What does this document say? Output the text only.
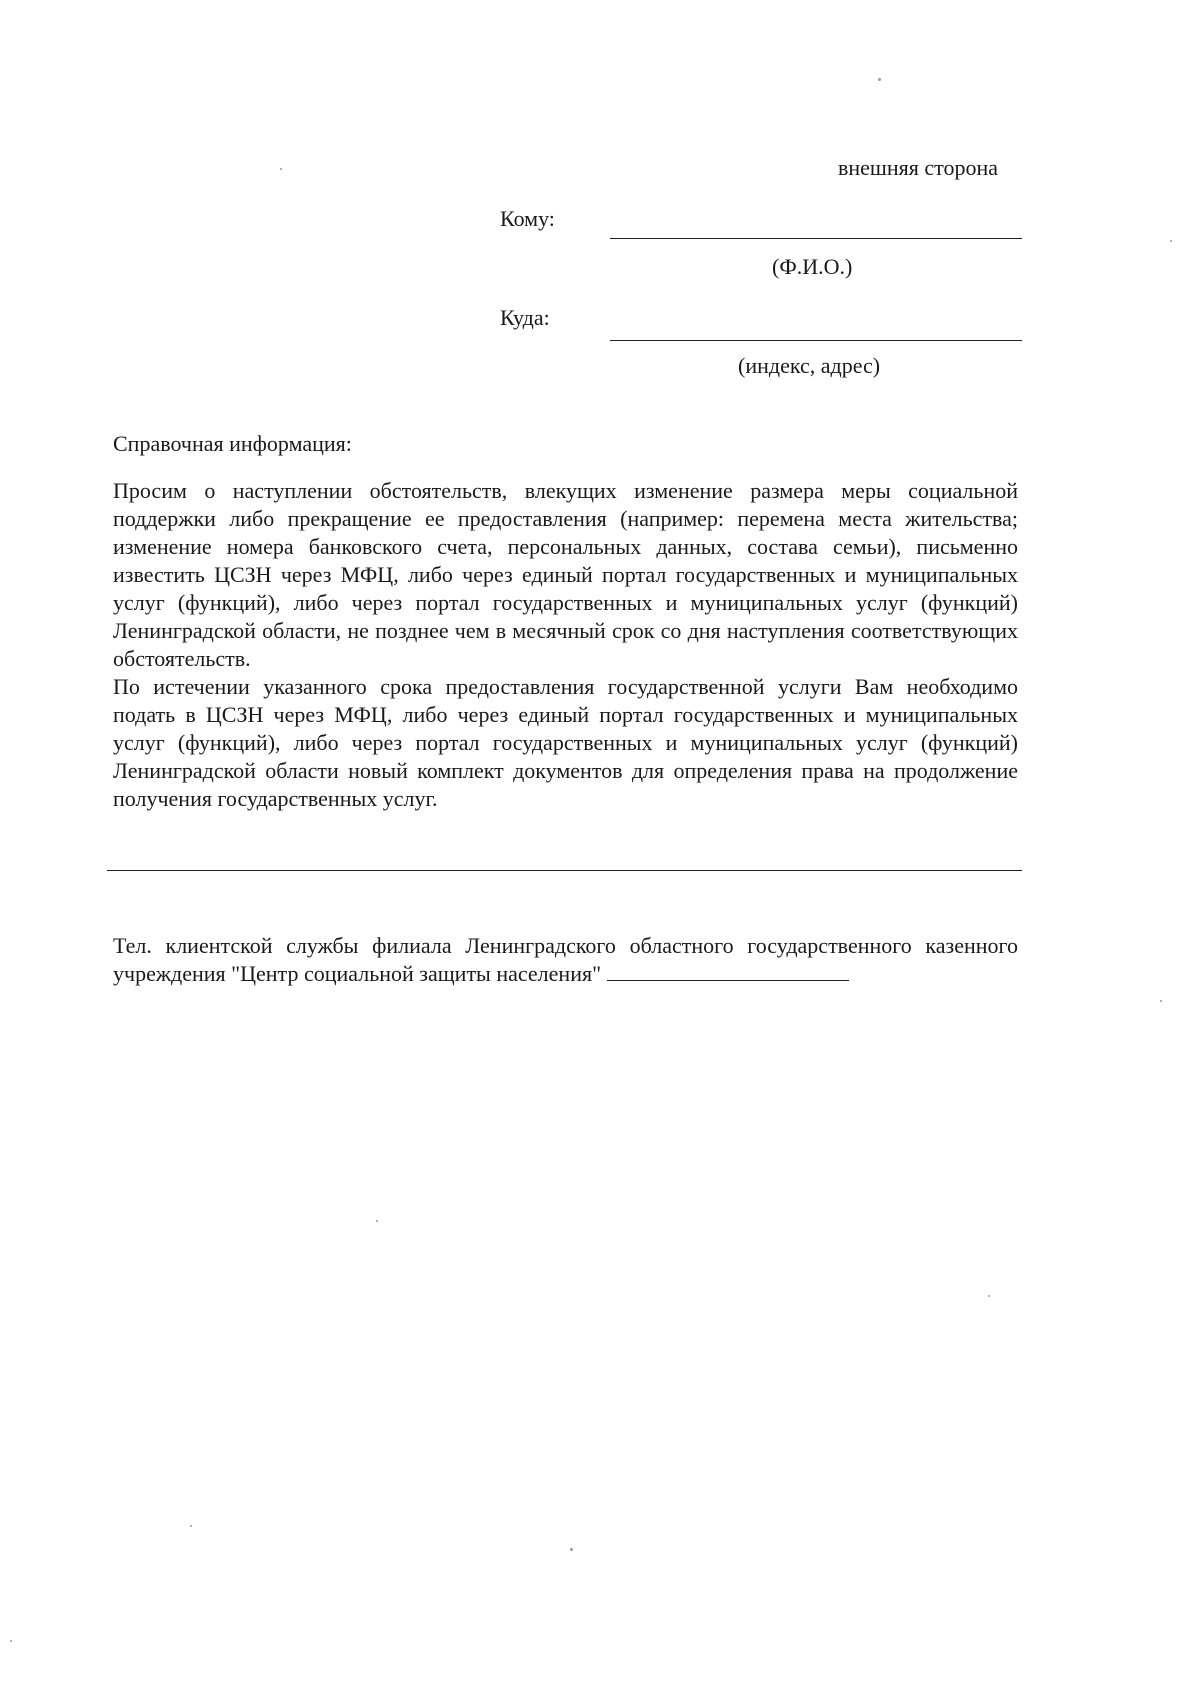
внешняя сторона
Кому:
(Ф.И.О.)
Куда:
(индекс, адрес)
Справочная информация:
Просим о наступлении обстоятельств, влекущих изменение размера меры социальной поддержки либо прекращение ее предоставления (например: перемена места жительства; изменение номера банковского счета, персональных данных, состава семьи), письменно известить ЦСЗН через МФЦ, либо через единый портал государственных и муниципальных услуг (функций), либо через портал государственных и муниципальных услуг (функций) Ленинградской области, не позднее чем в месячный срок со дня наступления соответствующих обстоятельств.
По истечении указанного срока предоставления государственной услуги Вам необходимо подать в ЦСЗН через МФЦ, либо через единый портал государственных и муниципальных услуг (функций), либо через портал государственных и муниципальных услуг (функций) Ленинградской области новый комплект документов для определения права на продолжение получения государственных услуг.
Тел. клиентской службы филиала Ленинградского областного государственного казенного учреждения "Центр социальной защиты населения"
